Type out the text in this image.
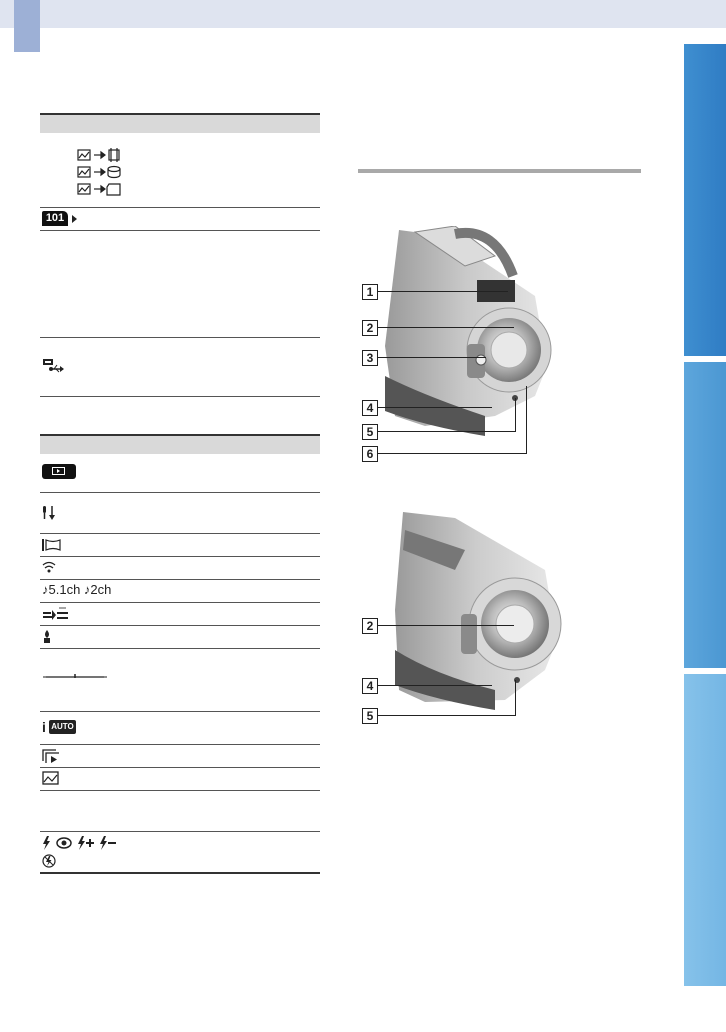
101
♪5.1ch ♪2ch
i AUTO
1
2
3
4
5
6
2
4
5
